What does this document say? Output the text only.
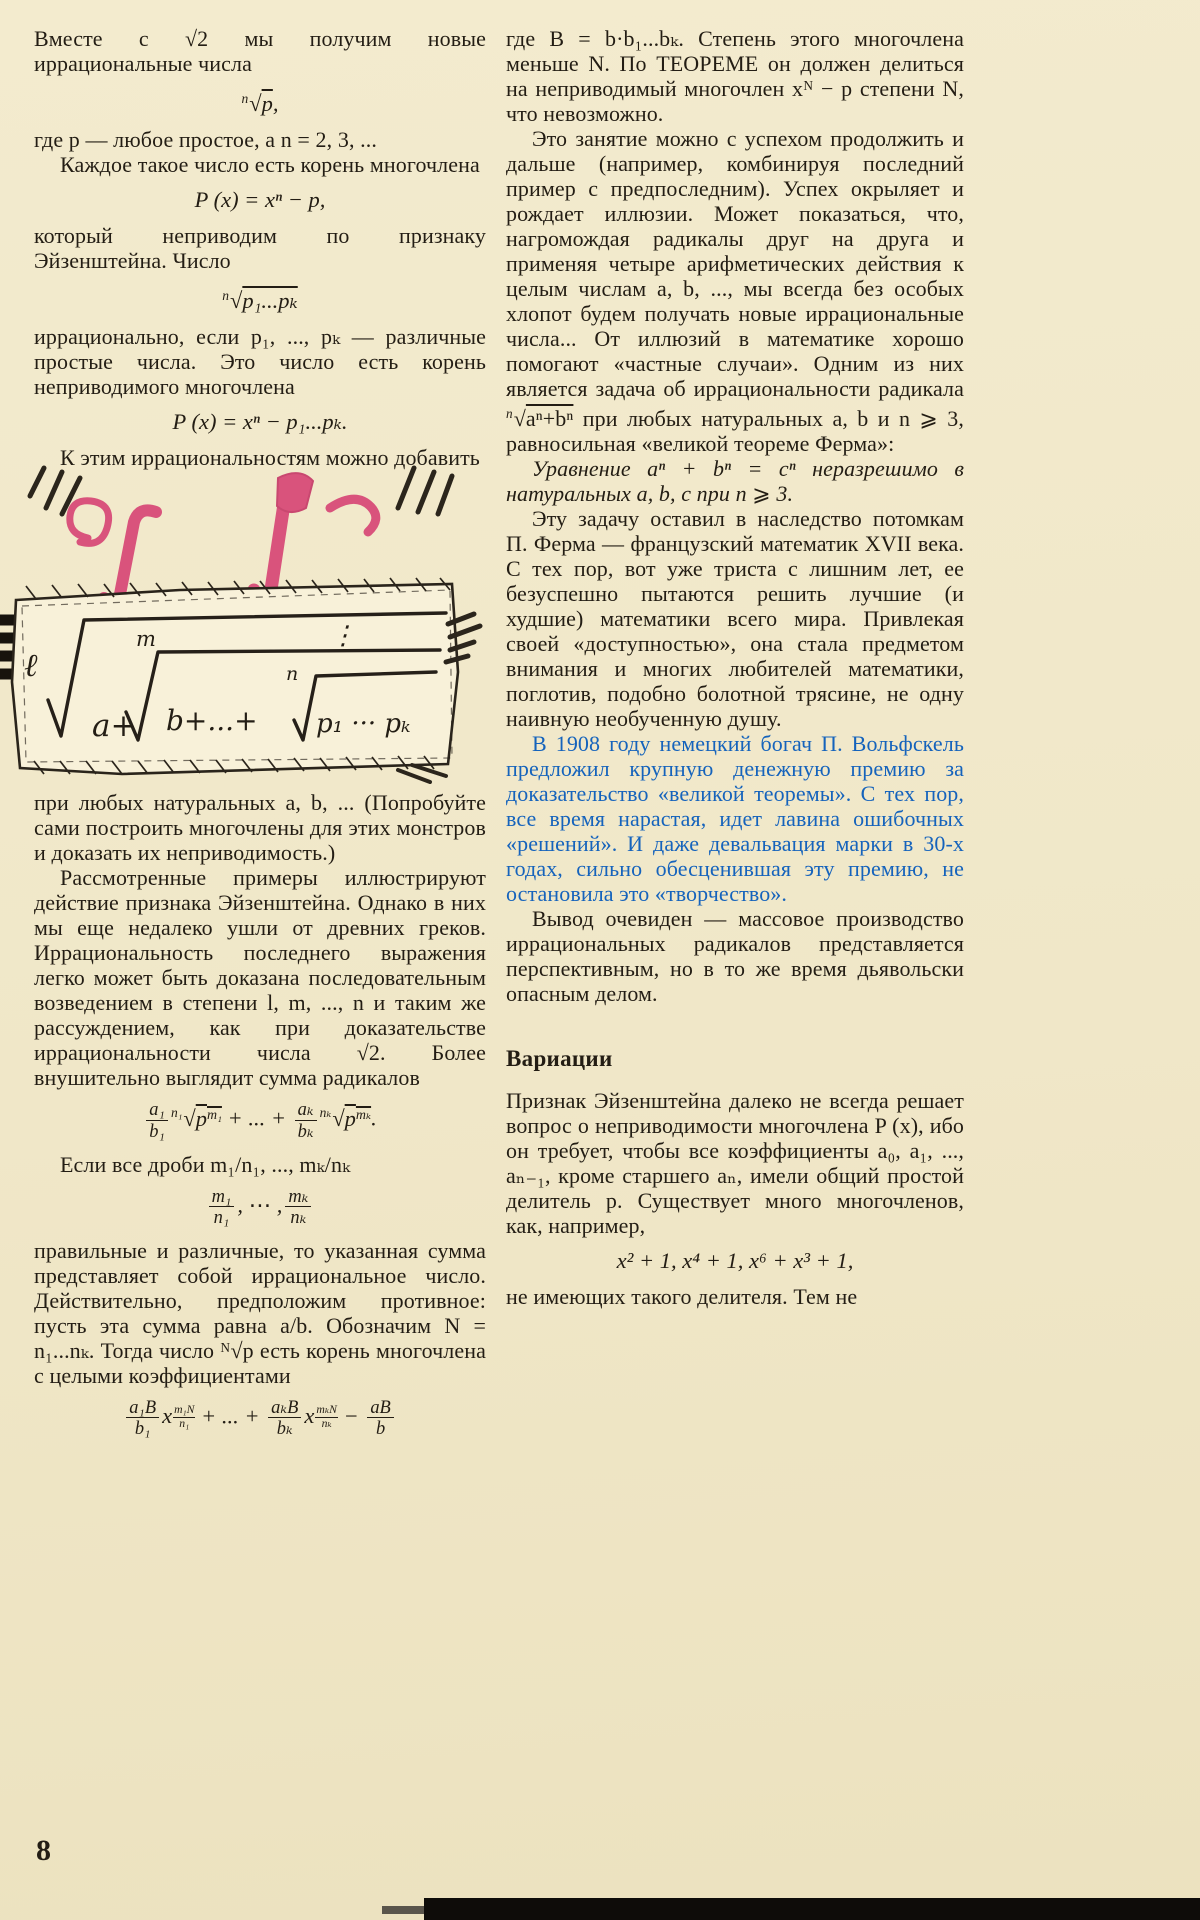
Вместе с √2 мы получим новые иррациональные числа

$^n$√p,

где p — любое простое, а n = 2, 3, ...

Каждое такое число есть корень многочлена

P (x) = xⁿ − p,

который неприводим по признаку Эйзенштейна. Число

$^n$√p₁...pₖ

иррационально, если p₁, ..., pₖ — различные простые числа. Это число есть корень неприводимого многочлена

P (x) = xⁿ − p₁...pₖ.

К этим иррациональностям можно добавить

ℓ
m
a+ b+...+
n
p₁ ··· pₖ
⋮

при любых натуральных a, b, ... (Попробуйте сами построить многочлены для этих монстров и доказать их неприводимость.)

Рассмотренные примеры иллюстрируют действие признака Эйзенштейна. Однако в них мы еще недалеко ушли от древних греков. Иррациональность последнего выражения легко может быть доказана последовательным возведением в степени l, m, ..., n и таким же рассуждением, как при доказательстве иррациональности числа √2. Более внушительно выглядит сумма радикалов

$\frac{\text{a₁}}{\text{b₁}} ^{n_1}√p^{m_1}$ + ... + $\frac{\text{aₖ}}{\text{bₖ}} ^{n_k}√p^{m_k}$.

Если все дроби m₁/n₁, ..., mₖ/nₖ

$\frac{\text{m₁}}{\text{n₁}}$ , ⋯ , $\frac{\text{mₖ}}{\text{nₖ}}$

правильные и различные, то указанная сумма представляет собой иррациональное число. Действительно, предположим противное: пусть эта сумма равна a/b. Обозначим N = n₁...nₖ. Тогда число ᴺ√p есть корень многочлена с целыми коэффициентами

$\frac{\text{a₁B}}{\text{b₁}}$ x $\frac{\text{m₁N}}{\text{n₁}}$ + ... + $\frac{\text{aₖB}}{\text{bₖ}}$ x $\frac{\text{mₖN}}{\text{nₖ}} - \frac{aB}{b}$

где B = b·b₁...bₖ. Степень этого многочлена меньше N. По ТЕОРЕМЕ он должен делиться на неприводимый многочлен xᴺ − p степени N, что невозможно.

Это занятие можно с успехом продолжить и дальше (например, комбинируя последний пример с предпоследним). Успех окрыляет и рождает иллюзии. Может показаться, что, нагромождая радикалы друг на друга и применяя четыре арифметических действия к целым числам a, b, ..., мы всегда без особых хлопот будем получать новые иррациональные числа... От иллюзий в математике хорошо помогают «частные случаи». Одним из них является задача об иррациональности радикала $^n$√aⁿ+bⁿ при любых натуральных a, b и n ⩾ 3, равносильная «великой теореме Ферма»:

Уравнение aⁿ + bⁿ = cⁿ неразрешимо в натуральных a, b, c при n ⩾ 3.

Эту задачу оставил в наследство потомкам П. Ферма — французский математик XVII века. С тех пор, вот уже триста с лишним лет, ее безуспешно пытаются решить лучшие (и худшие) математики всего мира. Привлекая своей «доступностью», она стала предметом внимания и многих любителей математики, поглотив, подобно болотной трясине, не одну наивную необученную душу.

В 1908 году немецкий богач П. Вольфскель предложил крупную денежную премию за доказательство «великой теоремы». С тех пор, все время нарастая, идет лавина ошибочных «решений». И даже девальвация марки в 30-х годах, сильно обесценившая эту премию, не остановила это «творчество».

Вывод очевиден — массовое производство иррациональных радикалов представляется перспективным, но в то же время дьявольски опасным делом.

Вариации

Признак Эйзенштейна далеко не всегда решает вопрос о неприводимости многочлена P (x), ибо он требует, чтобы все коэффициенты a₀, a₁, ..., aₙ₋₁, кроме старшего aₙ, имели общий простой делитель p. Существует много многочленов, как, например,

x² + 1, x⁴ + 1, x⁶ + x³ + 1,

не имеющих такого делителя. Тем не

8
